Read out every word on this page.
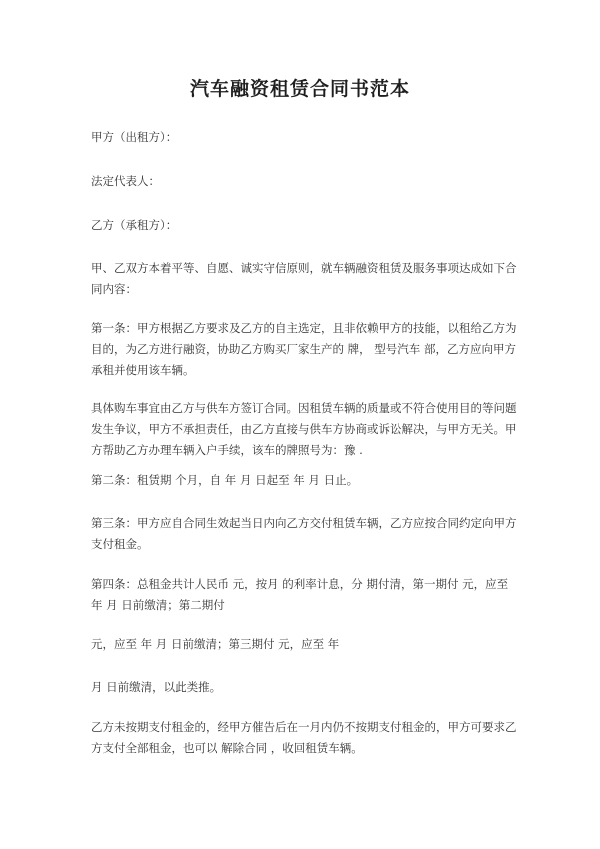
汽车融资租赁合同书范本
甲方（出租方）：
法定代表人：
乙方（承租方）：
甲、乙双方本着平等、自愿、诚实守信原则，就车辆融资租赁及服务事项达成如下合同内容：
第一条：甲方根据乙方要求及乙方的自主选定，且非依赖甲方的技能，以租给乙方为目的，为乙方进行融资，协助乙方购买厂家生产的 牌， 型号汽车 部，乙方应向甲方承租并使用该车辆。
具体购车事宜由乙方与供车方签订合同。因租赁车辆的质量或不符合使用目的等问题发生争议，甲方不承担责任，由乙方直接与供车方协商或诉讼解决，与甲方无关。甲方帮助乙方办理车辆入户手续，该车的牌照号为：豫 .
第二条：租赁期 个月，自 年 月 日起至 年 月 日止。
第三条：甲方应自合同生效起当日内向乙方交付租赁车辆，乙方应按合同约定向甲方支付租金。
第四条：总租金共计人民币 元，按月 的利率计息，分 期付清，第一期付 元，应至 年 月 日前缴清；第二期付
元，应至 年 月 日前缴清；第三期付 元，应至 年
月 日前缴清，以此类推。
乙方未按期支付租金的，经甲方催告后在一月内仍不按期支付租金的，甲方可要求乙方支付全部租金，也可以 解除合同 ，收回租赁车辆。
